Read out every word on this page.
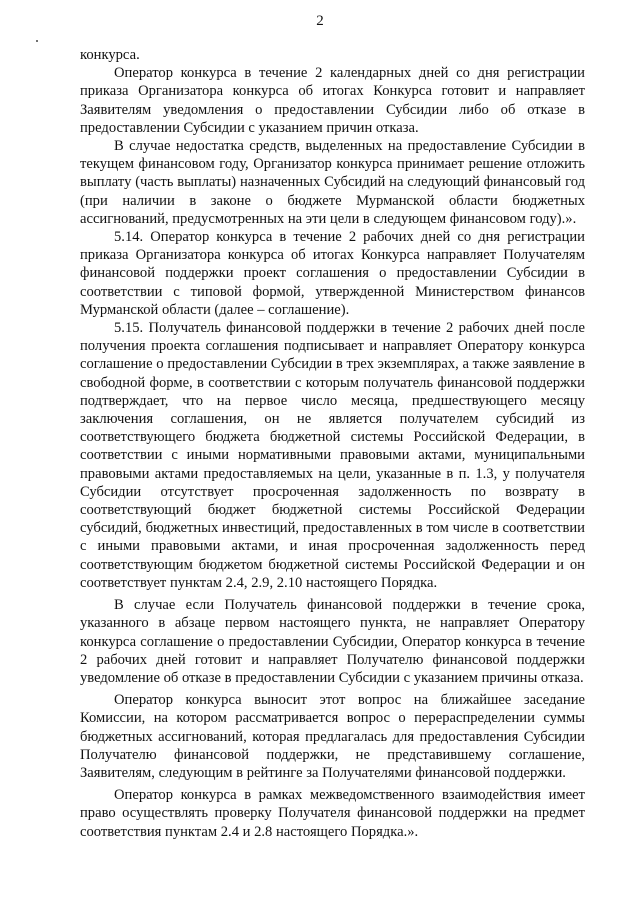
2

конкурса.

Оператор конкурса в течение 2 календарных дней со дня регистрации приказа Организатора конкурса об итогах Конкурса готовит и направляет Заявителям уведомления о предоставлении Субсидии либо об отказе в предоставлении Субсидии с указанием причин отказа.

В случае недостатка средств, выделенных на предоставление Субсидии в текущем финансовом году, Организатор конкурса принимает решение отложить выплату (часть выплаты) назначенных Субсидий на следующий финансовый год (при наличии в законе о бюджете Мурманской области бюджетных ассигнований, предусмотренных на эти цели в следующем финансовом году).».

5.14. Оператор конкурса в течение 2 рабочих дней со дня регистрации приказа Организатора конкурса об итогах Конкурса направляет Получателям финансовой поддержки проект соглашения о предоставлении Субсидии в соответствии с типовой формой, утвержденной Министерством финансов Мурманской области (далее – соглашение).

5.15. Получатель финансовой поддержки в течение 2 рабочих дней после получения проекта соглашения подписывает и направляет Оператору конкурса соглашение о предоставлении Субсидии в трех экземплярах, а также заявление в свободной форме, в соответствии с которым получатель финансовой поддержки подтверждает, что на первое число месяца, предшествующего месяцу заключения соглашения, он не является получателем субсидий из соответствующего бюджета бюджетной системы Российской Федерации, в соответствии с иными нормативными правовыми актами, муниципальными правовыми актами предоставляемых на цели, указанные в п. 1.3, у получателя Субсидии отсутствует просроченная задолженность по возврату в соответствующий бюджет бюджетной системы Российской Федерации субсидий, бюджетных инвестиций, предоставленных в том числе в соответствии с иными правовыми актами, и иная просроченная задолженность перед соответствующим бюджетом бюджетной системы Российской Федерации и он соответствует пунктам 2.4, 2.9, 2.10 настоящего Порядка.

В случае если Получатель финансовой поддержки в течение срока, указанного в абзаце первом настоящего пункта, не направляет Оператору конкурса соглашение о предоставлении Субсидии, Оператор конкурса в течение 2 рабочих дней готовит и направляет Получателю финансовой поддержки уведомление об отказе в предоставлении Субсидии с указанием причины отказа.

Оператор конкурса выносит этот вопрос на ближайшее заседание Комиссии, на котором рассматривается вопрос о перераспределении суммы бюджетных ассигнований, которая предлагалась для предоставления Субсидии Получателю финансовой поддержки, не представившему соглашение, Заявителям, следующим в рейтинге за Получателями финансовой поддержки.

Оператор конкурса в рамках межведомственного взаимодействия имеет право осуществлять проверку Получателя финансовой поддержки на предмет соответствия пунктам 2.4 и 2.8 настоящего Порядка.».
